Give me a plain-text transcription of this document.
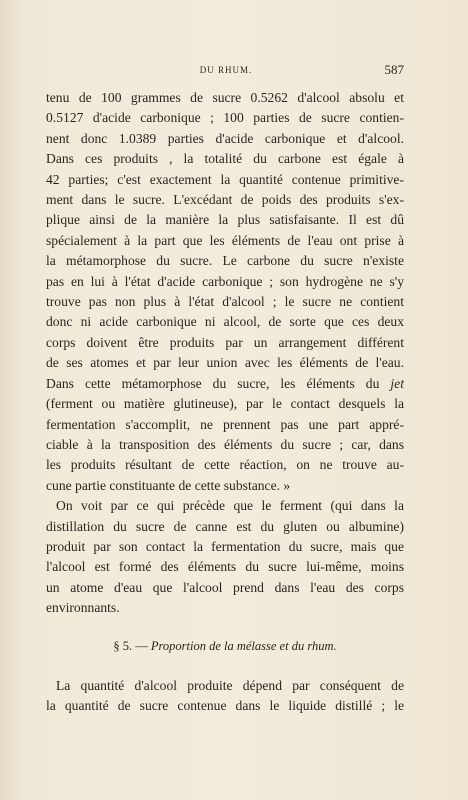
DU RHUM.	587

tenu de 100 grammes de sucre 0.5262 d'alcool absolu et

0.5127 d'acide carbonique ; 100 parties de sucre contien-

nent donc 1.0389 parties d'acide carbonique et d'alcool.

Dans ces produits , la totalité du carbone est égale à

42 parties; c'est exactement la quantité contenue primitive-

ment dans le sucre. L'excédant de poids des produits s'ex-

plique ainsi de la manière la plus satisfaisante. Il est dû

spécialement à la part que les éléments de l'eau ont prise à

la métamorphose du sucre. Le carbone du sucre n'existe

pas en lui à l'état d'acide carbonique ; son hydrogène ne s'y

trouve pas non plus à l'état d'alcool ; le sucre ne contient

donc ni acide carbonique ni alcool, de sorte que ces deux

corps doivent être produits par un arrangement différent

de ses atomes et par leur union avec les éléments de l'eau.

Dans cette métamorphose du sucre, les éléments du jet

(ferment ou matière glutineuse), par le contact desquels la

fermentation s'accomplit, ne prennent pas une part appré-

ciable à la transposition des éléments du sucre ; car, dans

les produits résultant de cette réaction, on ne trouve au-

cune partie constituante de cette substance. »

On voit par ce qui précède que le ferment (qui dans la

distillation du sucre de canne est du gluten ou albumine)

produit par son contact la fermentation du sucre, mais que

l'alcool est formé des éléments du sucre lui-même, moins

un atome d'eau que l'alcool prend dans l'eau des corps

environnants.

§ 5. — Proportion de la mélasse et du rhum.

La quantité d'alcool produite dépend par conséquent de

la quantité de sucre contenue dans le liquide distillé ; le
